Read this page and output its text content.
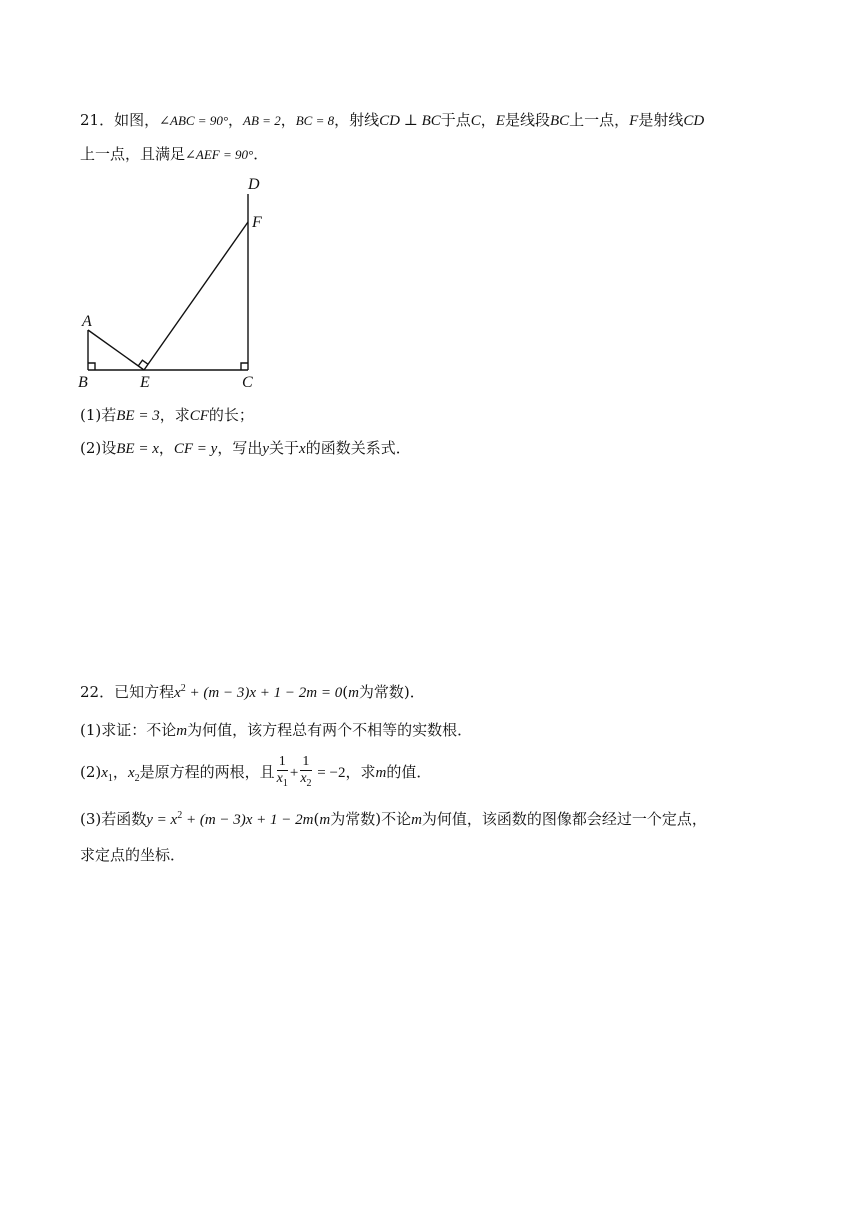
21．如图，∠ABC = 90°，AB = 2，BC = 8，射线CD ⊥ BC于点C，E是线段BC上一点，F是射线CD
上一点，且满足∠AEF = 90°．
D
F
A
B	E	C
(1)若BE = 3，求CF的长；
(2)设BE = x，CF = y，写出y关于x的函数关系式．
22．已知方程$x^2 + (m - 3)x + 1 - 2m = 0(m$为常数)．
(1)求证：不论m为何值，该方程总有两个不相等的实数根．
$(2)x_1$，$x_2$是原方程的两根，且 $\frac{1}{x_1} + \frac{1}{x_2} = -2$，求m的值．
(3)若函数$y = x^2 + (m - 3)x + 1 - 2m(m$为常数)不论m为何值，该函数的图像都会经过一个定点，
求定点的坐标．
